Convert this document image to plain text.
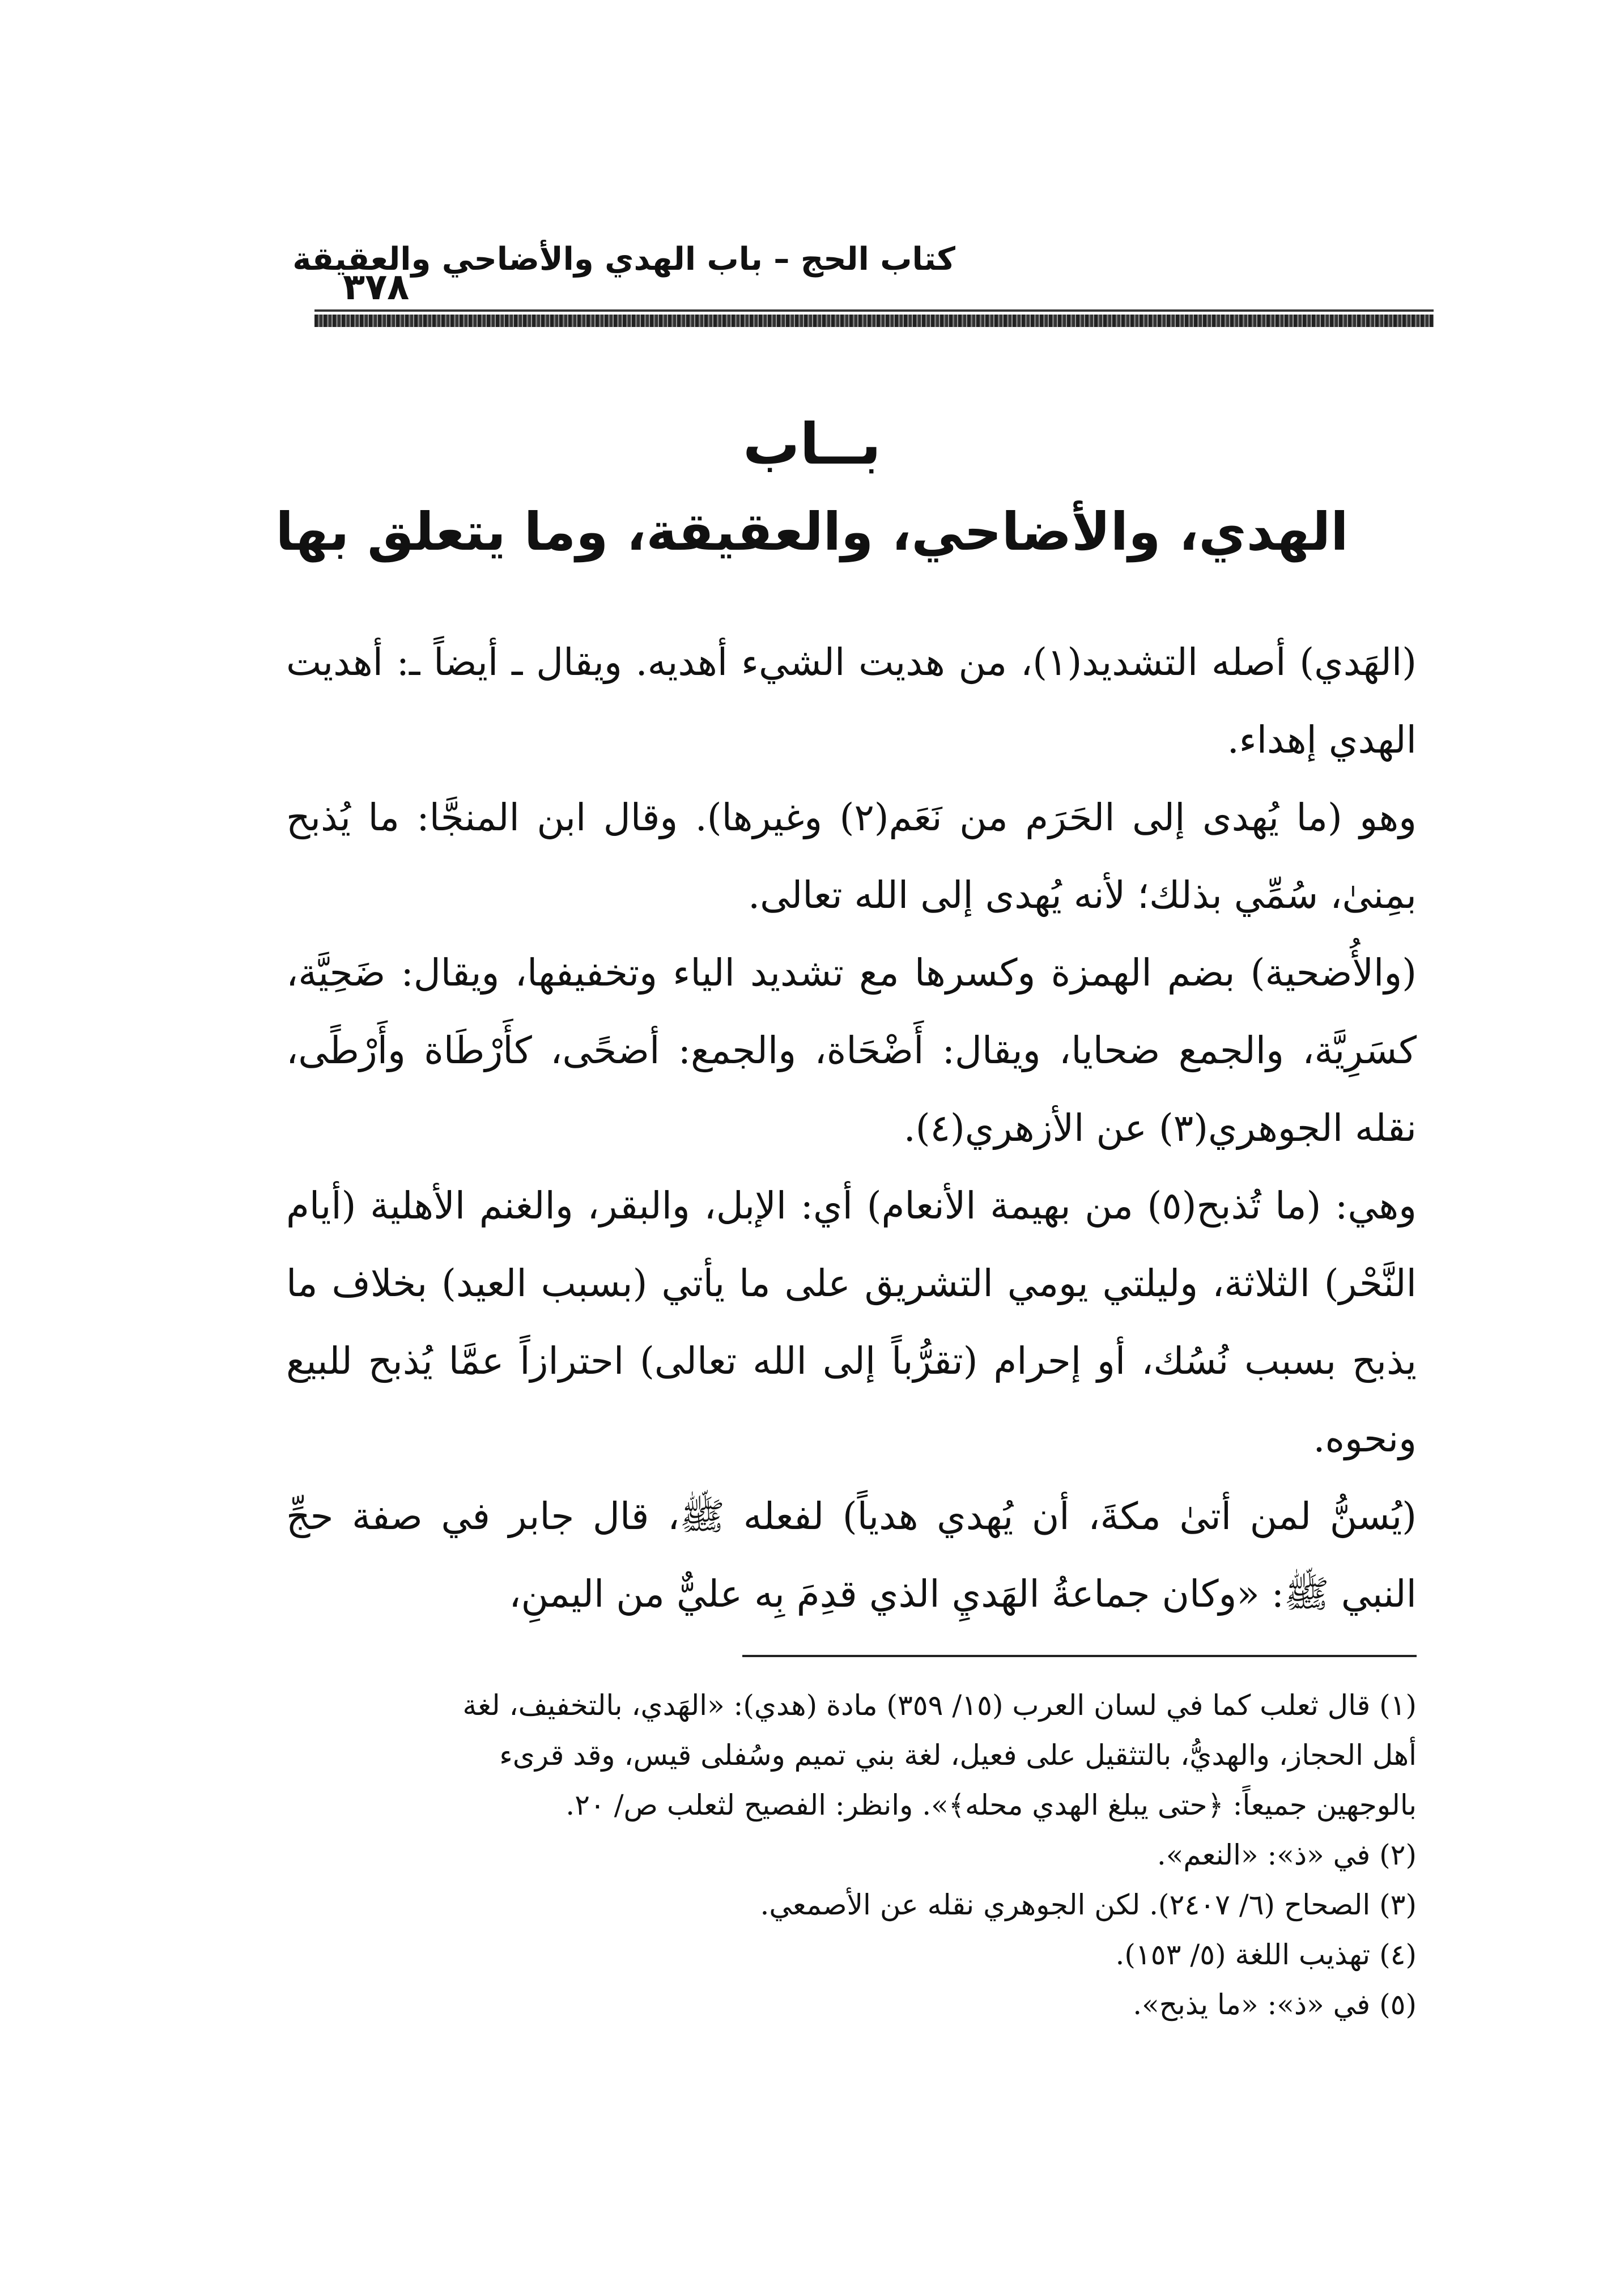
كتاب الحج – باب الهدي والأضاحي والعقيقة
٣٧٨
بــاب
الهدي، والأضاحي، والعقيقة، وما يتعلق بها

(الهَدي) أصله التشديد(١)، من هديت الشيء أهديه. ويقال ـ أيضاً ـ: أهديت الهدي إهداء.

وهو (ما يُهدى إلى الحَرَم من نَعَم(٢) وغيرها). وقال ابن المنجَّا: ما يُذبح بمِنىٰ، سُمِّي بذلك؛ لأنه يُهدى إلى الله تعالى.

(والأُضحية) بضم الهمزة وكسرها مع تشديد الياء وتخفيفها، ويقال: ضَحِيَّة، كسَرِيَّة، والجمع ضحايا، ويقال: أَضْحَاة، والجمع: أضحًى، كأَرْطَاة وأَرْطًى، نقله الجوهري(٣) عن الأزهري(٤).

وهي: (ما تُذبح(٥) من بهيمة الأنعام) أي: الإبل، والبقر، والغنم الأهلية (أيام النَّحْر) الثلاثة، وليلتي يومي التشريق على ما يأتي (بسبب العيد) بخلاف ما يذبح بسبب نُسُك، أو إحرام (تقرُّباً إلى الله تعالى) احترازاً عمَّا يُذبح للبيع ونحوه.

(يُسنُّ لمن أتىٰ مكةَ، أن يُهدي هدياً) لفعله ﷺ، قال جابر في صفة حجِّ النبي ﷺ: «وكان جماعةُ الهَديِ الذي قدِمَ بِه عليٌّ من اليمنِ،

(١) قال ثعلب كما في لسان العرب (١٥/ ٣٥٩) مادة (هدي): «الهَدي، بالتخفيف، لغة

أهل الحجاز، والهديُّ، بالتثقيل على فعيل، لغة بني تميم وسُفلى قيس، وقد قرىء

بالوجهين جميعاً: ﴿حتى يبلغ الهدي محله﴾». وانظر: الفصيح لثعلب ص/ ٢٠.

(٢) في «ذ»: «النعم».

(٣) الصحاح (٦/ ٢٤٠٧). لكن الجوهري نقله عن الأصمعي.

(٤) تهذيب اللغة (٥/ ١٥٣).

(٥) في «ذ»: «ما يذبح».
